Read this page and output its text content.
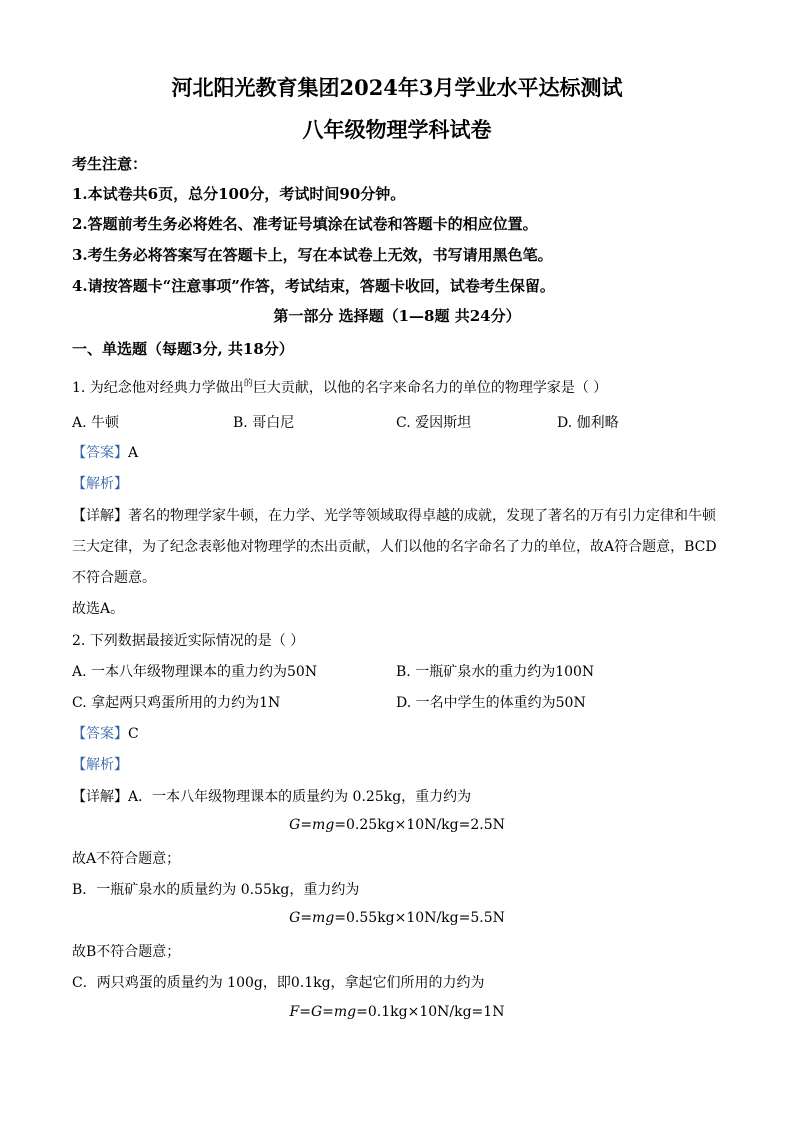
河北阳光教育集团2024年3月学业水平达标测试
八年级物理学科试卷
考生注意：
1.本试卷共6页，总分100分，考试时间90分钟。
2.答题前考生务必将姓名、准考证号填涂在试卷和答题卡的相应位置。
3.考生务必将答案写在答题卡上，写在本试卷上无效，书写请用黑色笔。
4.请按答题卡“注意事项”作答，考试结束，答题卡收回，试卷考生保留。
第一部分 选择题（1—8题 共24分）
一、单选题（每题3分, 共18分）
1. 为纪念他对经典力学做出$^的$巨大贡献，以他的名字来命名力的单位的物理学家是（ ）
A. 牛顿	B. 哥白尼	C. 爱因斯坦	D. 伽利略
【答案】A
【解析】
【详解】著名的物理学家牛顿，在力学、光学等领域取得卓越的成就，发现了著名的万有引力定律和牛顿
三大定律，为了纪念表彰他对物理学的杰出贡献，人们以他的名字命名了力的单位，故A符合题意，BCD
不符合题意。
故选A。
2. 下列数据最接近实际情况的是（ ）
A. 一本八年级物理课本的重力约为50N	B. 一瓶矿泉水的重力约为100N
C. 拿起两只鸡蛋所用的力约为1N	D. 一名中学生的体重约为50N
【答案】C
【解析】
【详解】A．一本八年级物理课本的质量约为 0.25kg，重力约为
G=mg=0.25kg×10N/kg=2.5N
故A不符合题意；
B．一瓶矿泉水的质量约为 0.55kg，重力约为
G=mg=0.55kg×10N/kg=5.5N
故B不符合题意；
C．两只鸡蛋的质量约为 100g，即0.1kg，拿起它们所用的力约为
F=G=mg=0.1kg×10N/kg=1N
